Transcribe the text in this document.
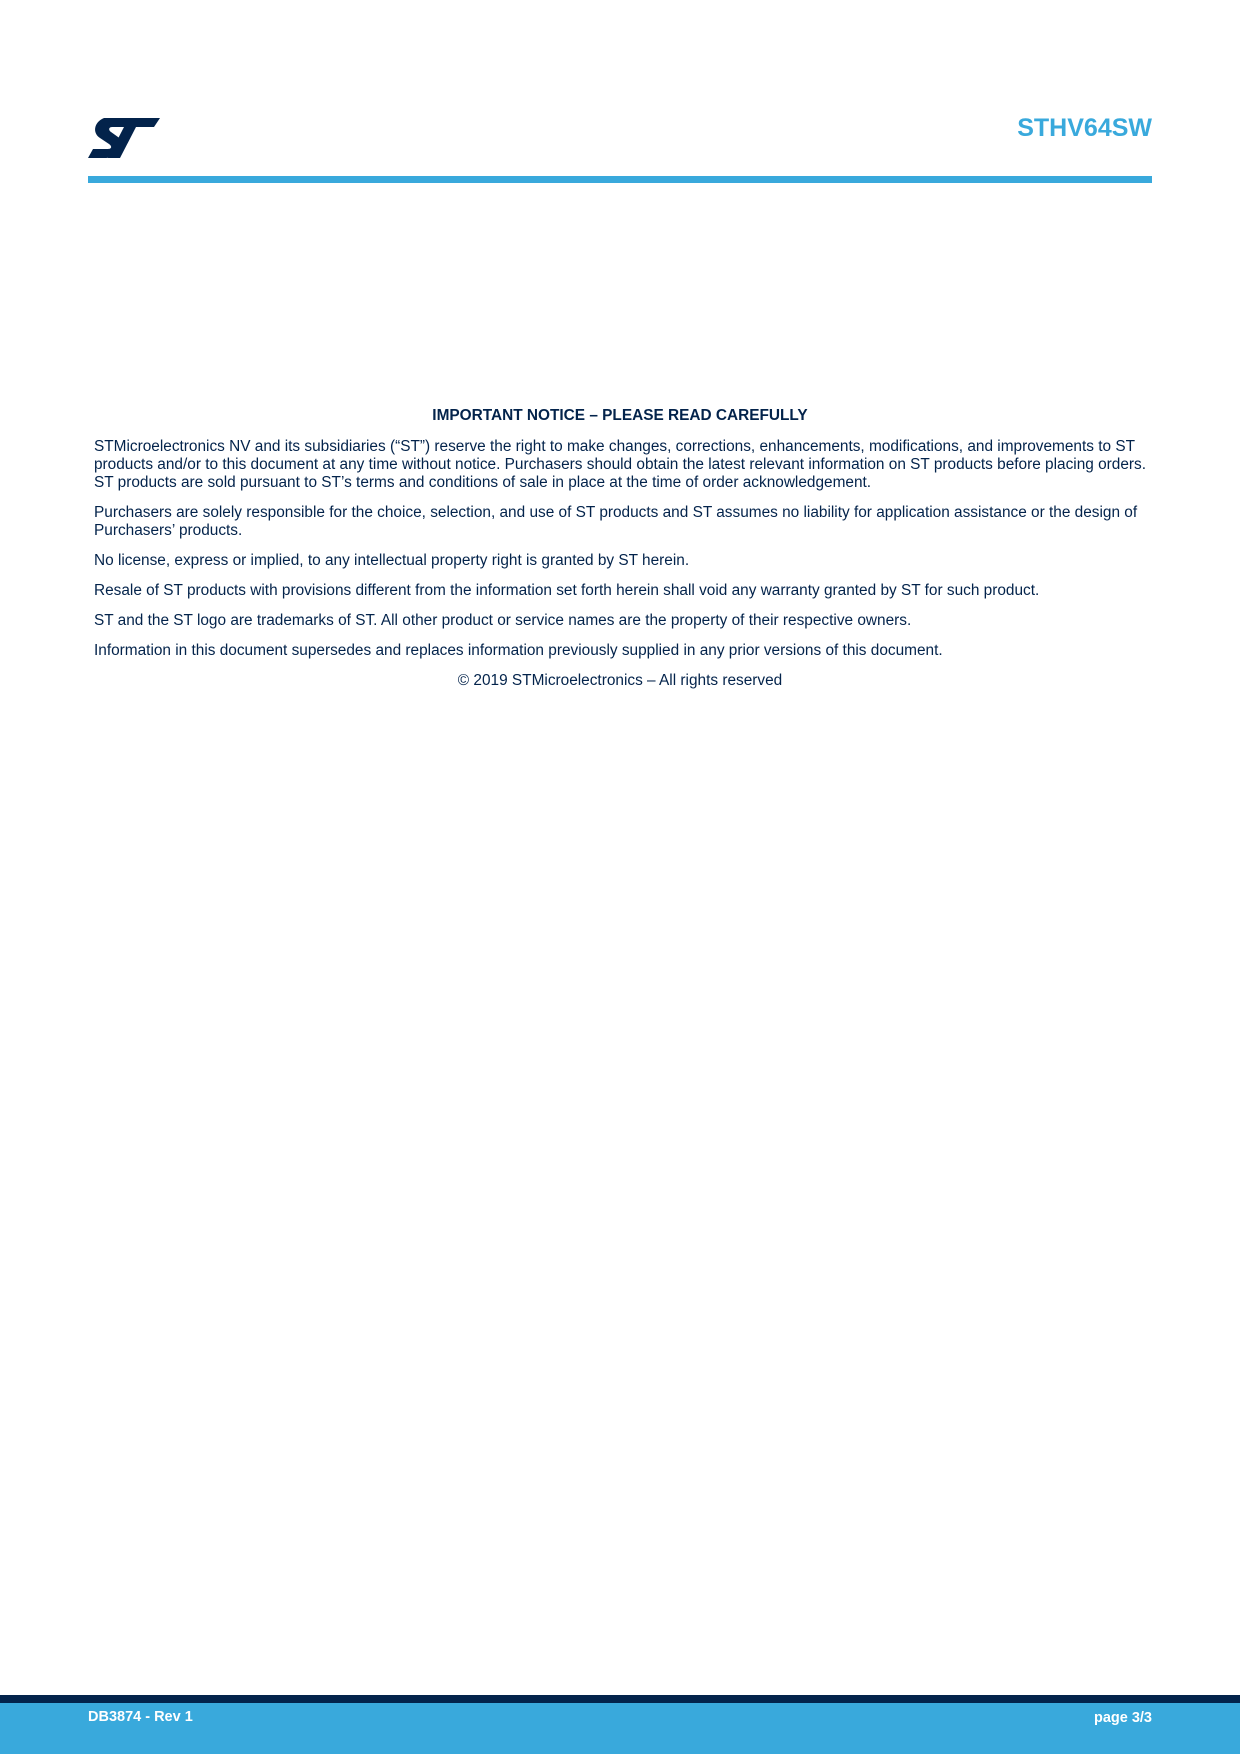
STHV64SW
IMPORTANT NOTICE – PLEASE READ CAREFULLY

STMicroelectronics NV and its subsidiaries (“ST”) reserve the right to make changes, corrections, enhancements, modifications, and improvements to ST products and/or to this document at any time without notice. Purchasers should obtain the latest relevant information on ST products before placing orders. ST products are sold pursuant to ST’s terms and conditions of sale in place at the time of order acknowledgement.

Purchasers are solely responsible for the choice, selection, and use of ST products and ST assumes no liability for application assistance or the design of Purchasers’ products.

No license, express or implied, to any intellectual property right is granted by ST herein.

Resale of ST products with provisions different from the information set forth herein shall void any warranty granted by ST for such product.

ST and the ST logo are trademarks of ST. All other product or service names are the property of their respective owners.

Information in this document supersedes and replaces information previously supplied in any prior versions of this document.

© 2019 STMicroelectronics – All rights reserved

DB3874 - Rev 1	page 3/3
